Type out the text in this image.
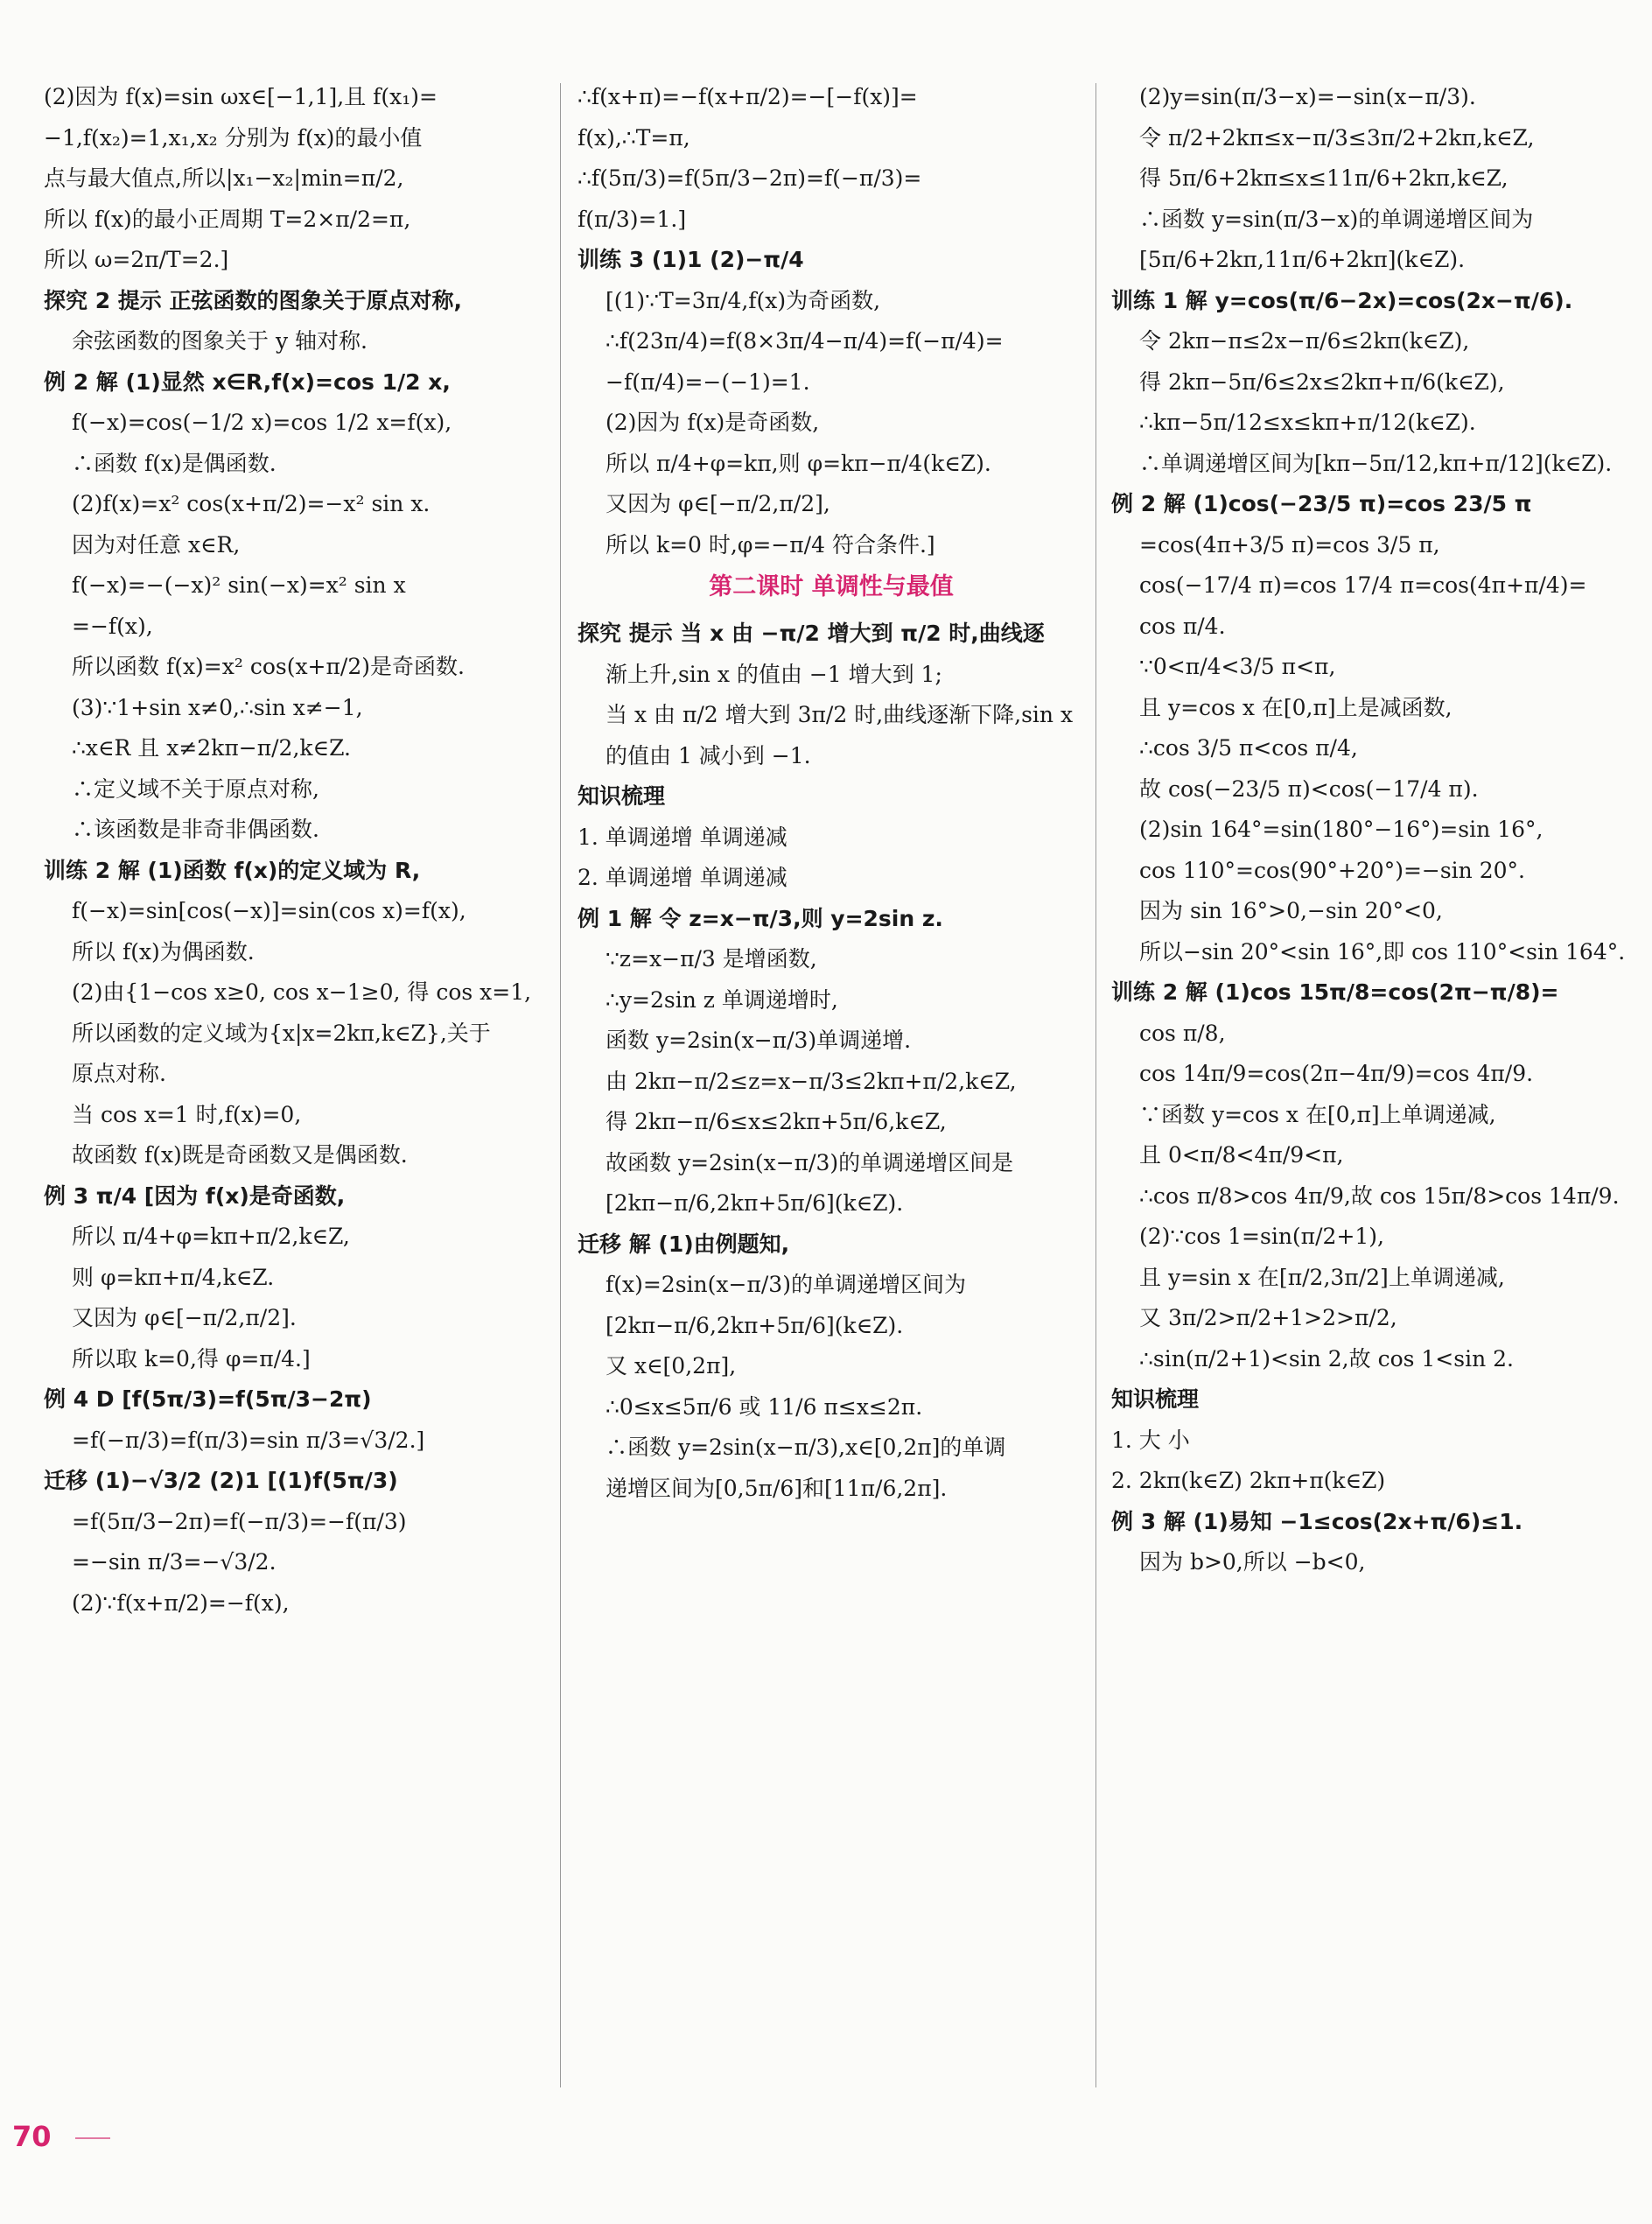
(2)因为 f(x)=sin ωx∈[−1,1],且 f(x₁)=
−1,f(x₂)=1,x₁,x₂ 分别为 f(x)的最小值
点与最大值点,所以|x₁−x₂|min=π/2,
所以 f(x)的最小正周期 T=2×π/2=π,
所以 ω=2π/T=2.]
探究 2 提示 正弦函数的图象关于原点对称,
余弦函数的图象关于 y 轴对称.
例 2 解 (1)显然 x∈R,f(x)=cos 1/2 x,
f(−x)=cos(−1/2 x)=cos 1/2 x=f(x),
∴函数 f(x)是偶函数.
(2)f(x)=x² cos(x+π/2)=−x² sin x.
因为对任意 x∈R,
f(−x)=−(−x)² sin(−x)=x² sin x
=−f(x),
所以函数 f(x)=x² cos(x+π/2)是奇函数.
(3)∵1+sin x≠0,∴sin x≠−1,
∴x∈R 且 x≠2kπ−π/2,k∈Z.
∴定义域不关于原点对称,
∴该函数是非奇非偶函数.
训练 2 解 (1)函数 f(x)的定义域为 R,
f(−x)=sin[cos(−x)]=sin(cos x)=f(x),
所以 f(x)为偶函数.
(2)由{1−cos x≥0, cos x−1≥0, 得 cos x=1,
所以函数的定义域为{x|x=2kπ,k∈Z},关于
原点对称.
当 cos x=1 时,f(x)=0,
故函数 f(x)既是奇函数又是偶函数.
例 3 π/4 [因为 f(x)是奇函数,
所以 π/4+φ=kπ+π/2,k∈Z,
则 φ=kπ+π/4,k∈Z.
又因为 φ∈[−π/2,π/2].
所以取 k=0,得 φ=π/4.]
例 4 D [f(5π/3)=f(5π/3−2π)
=f(−π/3)=f(π/3)=sin π/3=√3/2.]
迁移 (1)−√3/2 (2)1 [(1)f(5π/3)
=f(5π/3−2π)=f(−π/3)=−f(π/3)
=−sin π/3=−√3/2.
(2)∵f(x+π/2)=−f(x),
∴f(x+π)=−f(x+π/2)=−[−f(x)]=
f(x),∴T=π,
∴f(5π/3)=f(5π/3−2π)=f(−π/3)=
f(π/3)=1.]
训练 3 (1)1 (2)−π/4
[(1)∵T=3π/4,f(x)为奇函数,
∴f(23π/4)=f(8×3π/4−π/4)=f(−π/4)=
−f(π/4)=−(−1)=1.
(2)因为 f(x)是奇函数,
所以 π/4+φ=kπ,则 φ=kπ−π/4(k∈Z).
又因为 φ∈[−π/2,π/2],
所以 k=0 时,φ=−π/4 符合条件.]
第二课时 单调性与最值
探究 提示 当 x 由 −π/2 增大到 π/2 时,曲线逐
渐上升,sin x 的值由 −1 增大到 1;
当 x 由 π/2 增大到 3π/2 时,曲线逐渐下降,sin x
的值由 1 减小到 −1.
知识梳理
1. 单调递增 单调递减
2. 单调递增 单调递减
例 1 解 令 z=x−π/3,则 y=2sin z.
∵z=x−π/3 是增函数,
∴y=2sin z 单调递增时,
函数 y=2sin(x−π/3)单调递增.
由 2kπ−π/2≤z=x−π/3≤2kπ+π/2,k∈Z,
得 2kπ−π/6≤x≤2kπ+5π/6,k∈Z,
故函数 y=2sin(x−π/3)的单调递增区间是
[2kπ−π/6,2kπ+5π/6](k∈Z).
迁移 解 (1)由例题知,
f(x)=2sin(x−π/3)的单调递增区间为
[2kπ−π/6,2kπ+5π/6](k∈Z).
又 x∈[0,2π],
∴0≤x≤5π/6 或 11/6 π≤x≤2π.
∴函数 y=2sin(x−π/3),x∈[0,2π]的单调
递增区间为[0,5π/6]和[11π/6,2π].
(2)y=sin(π/3−x)=−sin(x−π/3).
令 π/2+2kπ≤x−π/3≤3π/2+2kπ,k∈Z,
得 5π/6+2kπ≤x≤11π/6+2kπ,k∈Z,
∴函数 y=sin(π/3−x)的单调递增区间为
[5π/6+2kπ,11π/6+2kπ](k∈Z).
训练 1 解 y=cos(π/6−2x)=cos(2x−π/6).
令 2kπ−π≤2x−π/6≤2kπ(k∈Z),
得 2kπ−5π/6≤2x≤2kπ+π/6(k∈Z),
∴kπ−5π/12≤x≤kπ+π/12(k∈Z).
∴单调递增区间为[kπ−5π/12,kπ+π/12](k∈Z).
例 2 解 (1)cos(−23/5 π)=cos 23/5 π
=cos(4π+3/5 π)=cos 3/5 π,
cos(−17/4 π)=cos 17/4 π=cos(4π+π/4)=
cos π/4.
∵0<π/4<3/5 π<π,
且 y=cos x 在[0,π]上是减函数,
∴cos 3/5 π<cos π/4,
故 cos(−23/5 π)<cos(−17/4 π).
(2)sin 164°=sin(180°−16°)=sin 16°,
cos 110°=cos(90°+20°)=−sin 20°.
因为 sin 16°>0,−sin 20°<0,
所以−sin 20°<sin 16°,即 cos 110°<sin 164°.
训练 2 解 (1)cos 15π/8=cos(2π−π/8)=
cos π/8,
cos 14π/9=cos(2π−4π/9)=cos 4π/9.
∵函数 y=cos x 在[0,π]上单调递减,
且 0<π/8<4π/9<π,
∴cos π/8>cos 4π/9,故 cos 15π/8>cos 14π/9.
(2)∵cos 1=sin(π/2+1),
且 y=sin x 在[π/2,3π/2]上单调递减,
又 3π/2>π/2+1>2>π/2,
∴sin(π/2+1)<sin 2,故 cos 1<sin 2.
知识梳理
1. 大 小
2. 2kπ(k∈Z) 2kπ+π(k∈Z)
例 3 解 (1)易知 −1≤cos(2x+π/6)≤1.
因为 b>0,所以 −b<0,
70
